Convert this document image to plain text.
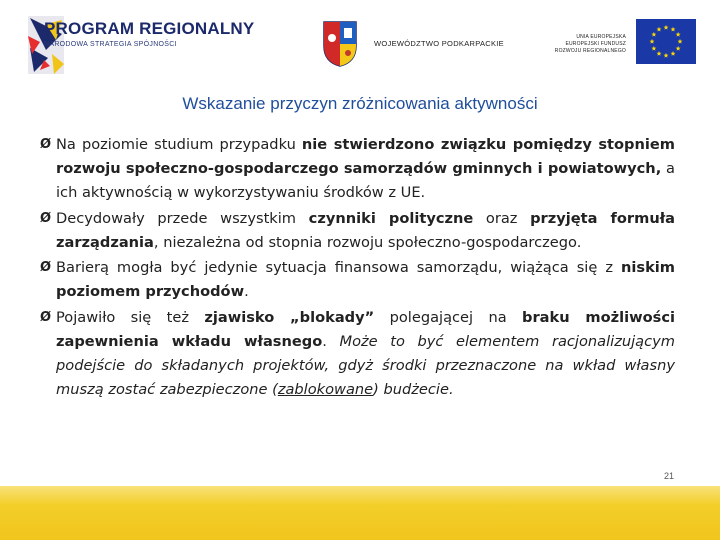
PROGRAM REGIONALNY
NARODOWA STRATEGIA SPÓJNOŚCI	WOJEWÓDZTWO PODKARPACKIE
UNIA EUROPEJSKA
EUROPEJSKI FUNDUSZ
ROZWOJU REGIONALNEGO
Wskazanie przyczyn zróżnicowania aktywności
Ø Na poziomie studium przypadku nie stwierdzono związku pomiędzy stopniem rozwoju społeczno-gospodarczego samorządów gminnych i powiatowych, a ich aktywnością w wykorzystywaniu środków z UE.
Ø Decydowały przede wszystkim czynniki polityczne oraz przyjęta formuła zarządzania, niezależna od stopnia rozwoju społeczno-gospodarczego.
Ø Barierą mogła być jedynie sytuacja finansowa samorządu, wiążąca się z niskim poziomem przychodów.
Ø Pojawiło się też zjawisko „blokady” polegającej na braku możliwości zapewnienia wkładu własnego. Może to być elementem racjonalizującym podejście do składanych projektów, gdyż środki przeznaczone na wkład własny muszą zostać zabezpieczone (zablokowane) budżecie.
21
